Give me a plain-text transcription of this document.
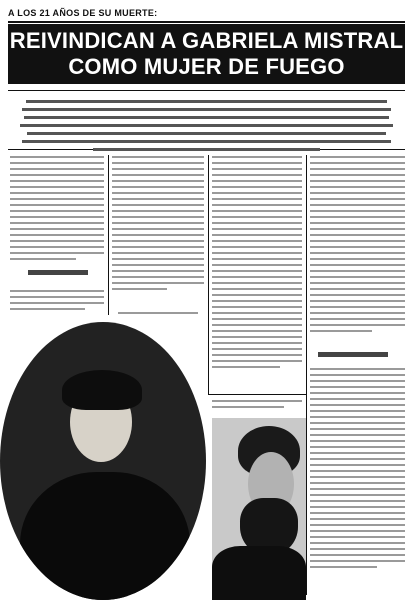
A LOS 21 AÑOS DE SU MUERTE:
REIVINDICAN A GABRIELA MISTRAL
COMO MUJER DE FUEGO
